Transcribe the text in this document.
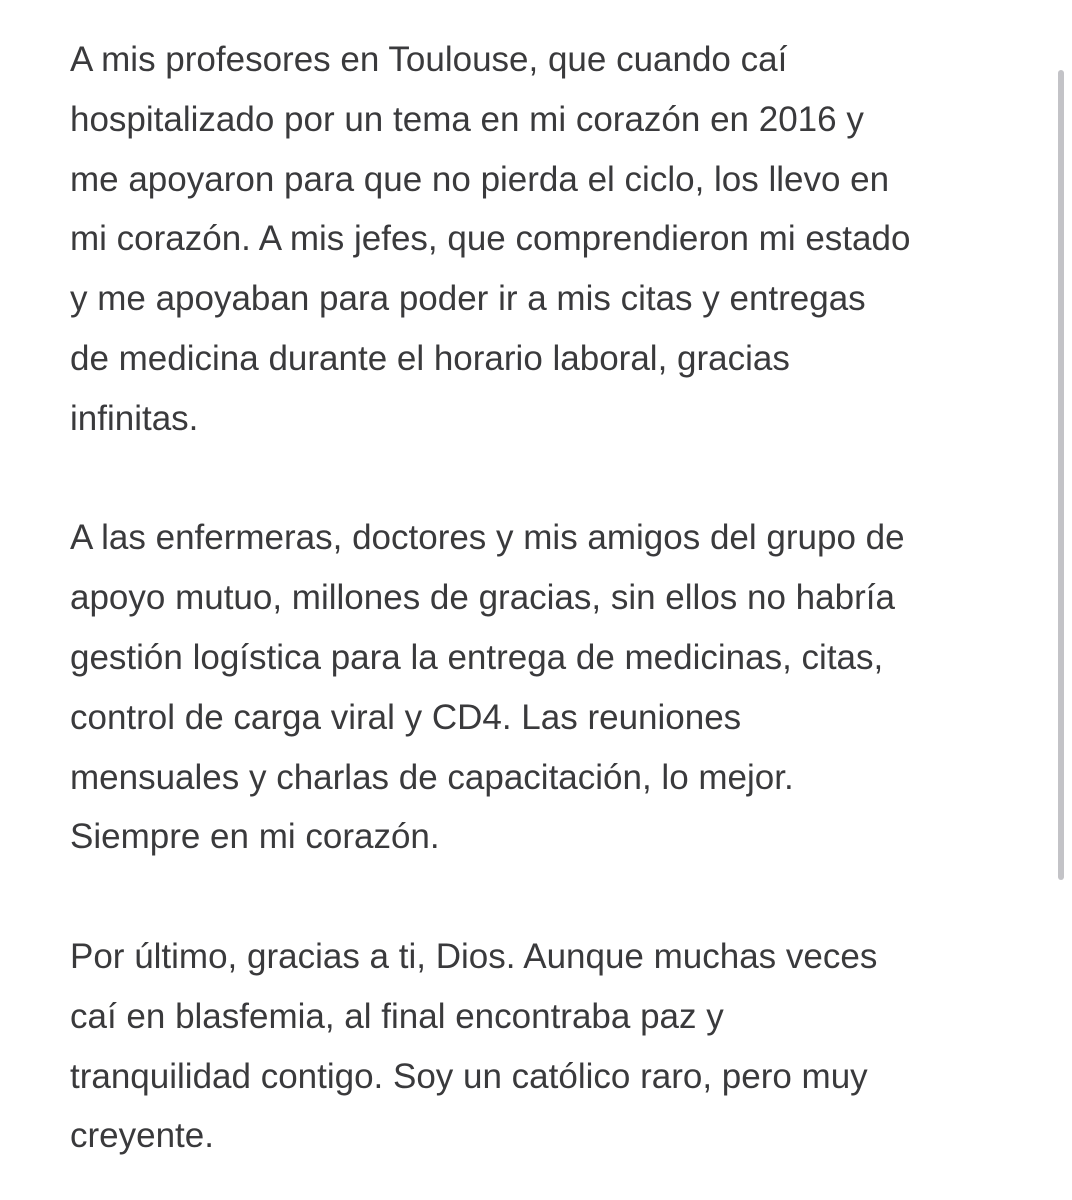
A mis profesores en Toulouse, que cuando caí
hospitalizado por un tema en mi corazón en 2016 y
me apoyaron para que no pierda el ciclo, los llevo en
mi corazón. A mis jefes, que comprendieron mi estado
y me apoyaban para poder ir a mis citas y entregas
de medicina durante el horario laboral, gracias
infinitas.
A las enfermeras, doctores y mis amigos del grupo de
apoyo mutuo, millones de gracias, sin ellos no habría
gestión logística para la entrega de medicinas, citas,
control de carga viral y CD4. Las reuniones
mensuales y charlas de capacitación, lo mejor.
Siempre en mi corazón.
Por último, gracias a ti, Dios. Aunque muchas veces
caí en blasfemia, al final encontraba paz y
tranquilidad contigo. Soy un católico raro, pero muy
creyente.
